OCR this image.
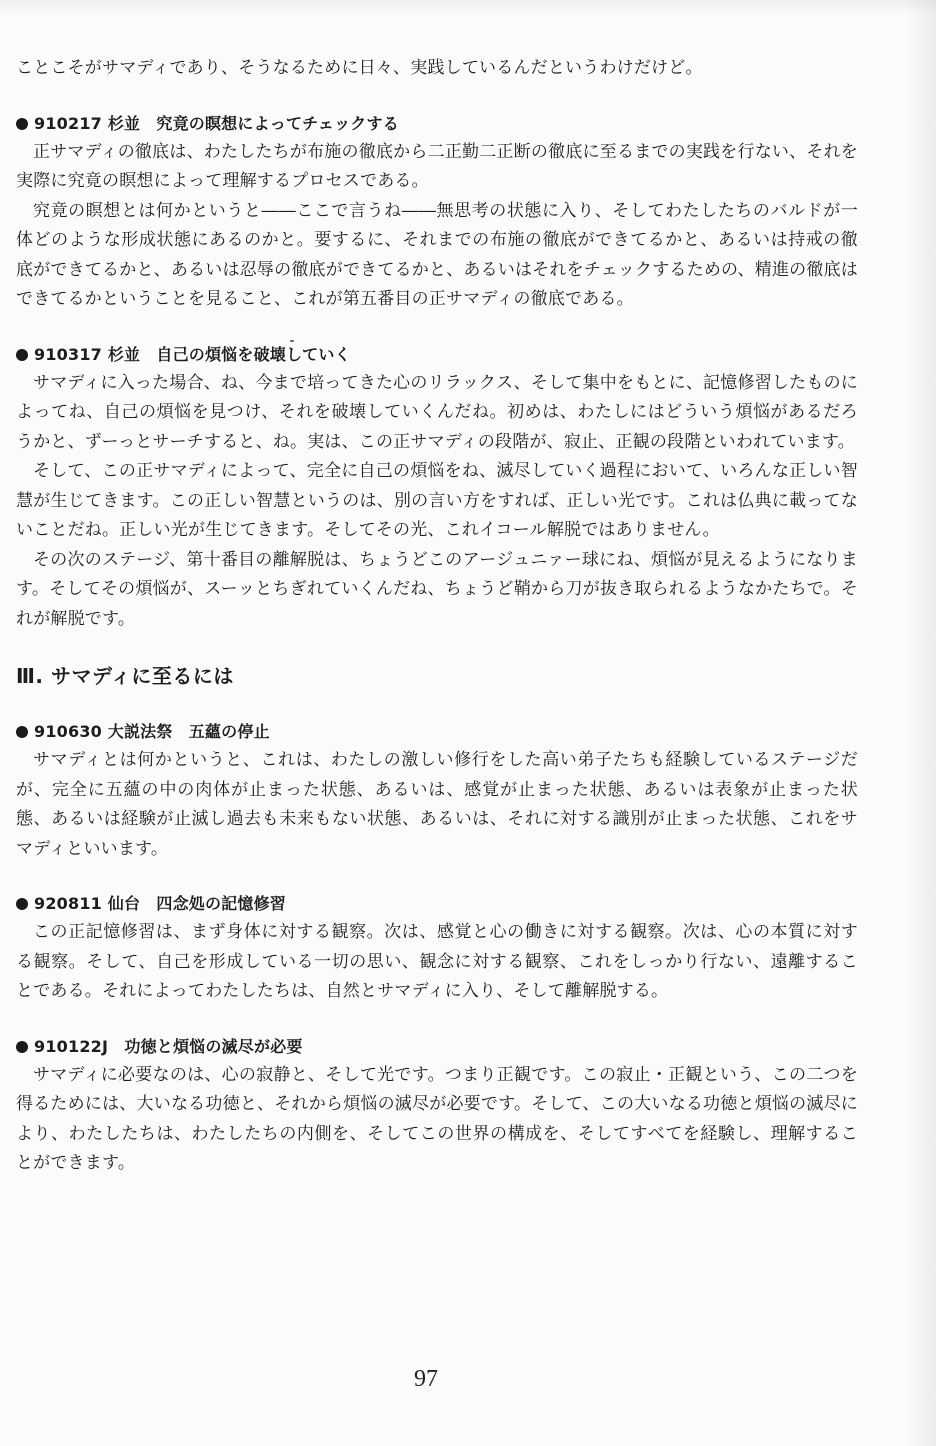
ことこそがサマディであり、そうなるために日々、実践しているんだというわけだけど。

910217 杉並　究竟の瞑想によってチェックする

正サマディの徹底は、わたしたちが布施の徹底から二正勤二正断の徹底に至るまでの実践を行ない、それを実際に究竟の瞑想によって理解するプロセスである。

究竟の瞑想とは何かというと――ここで言うね――無思考の状態に入り、そしてわたしたちのバルドが一体どのような形成状態にあるのかと。要するに、それまでの布施の徹底ができてるかと、あるいは持戒の徹底ができてるかと、あるいは忍辱の徹底ができてるかと、あるいはそれをチェックするための、精進の徹底はできてるかということを見ること、これが第五番目の正サマディの徹底である。

910317 杉並　自己の煩悩を破壊していく

サマディに入った場合、ね、今まで培ってきた心のリラックス、そして集中をもとに、記憶修習したものによってね、自己の煩悩を見つけ、それを破壊していくんだね。初めは、わたしにはどういう煩悩があるだろうかと、ずーっとサーチすると、ね。実は、この正サマディの段階が、寂止、正観の段階といわれています。

そして、この正サマディによって、完全に自己の煩悩をね、滅尽していく過程において、いろんな正しい智慧が生じてきます。この正しい智慧というのは、別の言い方をすれば、正しい光です。これは仏典に載ってないことだね。正しい光が生じてきます。そしてその光、これイコール解脱ではありません。

その次のステージ、第十番目の離解脱は、ちょうどこのアージュニァー球にね、煩悩が見えるようになります。そしてその煩悩が、スーッとちぎれていくんだね、ちょうど鞘から刀が抜き取られるようなかたちで。それが解脱です。

Ⅲ. サマディに至るには

910630 大説法祭　五蘊の停止

サマディとは何かというと、これは、わたしの激しい修行をした高い弟子たちも経験しているステージだが、完全に五蘊の中の肉体が止まった状態、あるいは、感覚が止まった状態、あるいは表象が止まった状態、あるいは経験が止滅し過去も未来もない状態、あるいは、それに対する識別が止まった状態、これをサマディといいます。

920811 仙台　四念処の記憶修習

この正記憶修習は、まず身体に対する観察。次は、感覚と心の働きに対する観察。次は、心の本質に対する観察。そして、自己を形成している一切の思い、観念に対する観察、これをしっかり行ない、遠離することである。それによってわたしたちは、自然とサマディに入り、そして離解脱する。

910122J　功徳と煩悩の滅尽が必要

サマディに必要なのは、心の寂静と、そして光です。つまり正観です。この寂止・正観という、この二つを得るためには、大いなる功徳と、それから煩悩の滅尽が必要です。そして、この大いなる功徳と煩悩の滅尽により、わたしたちは、わたしたちの内側を、そしてこの世界の構成を、そしてすべてを経験し、理解することができます。

97
